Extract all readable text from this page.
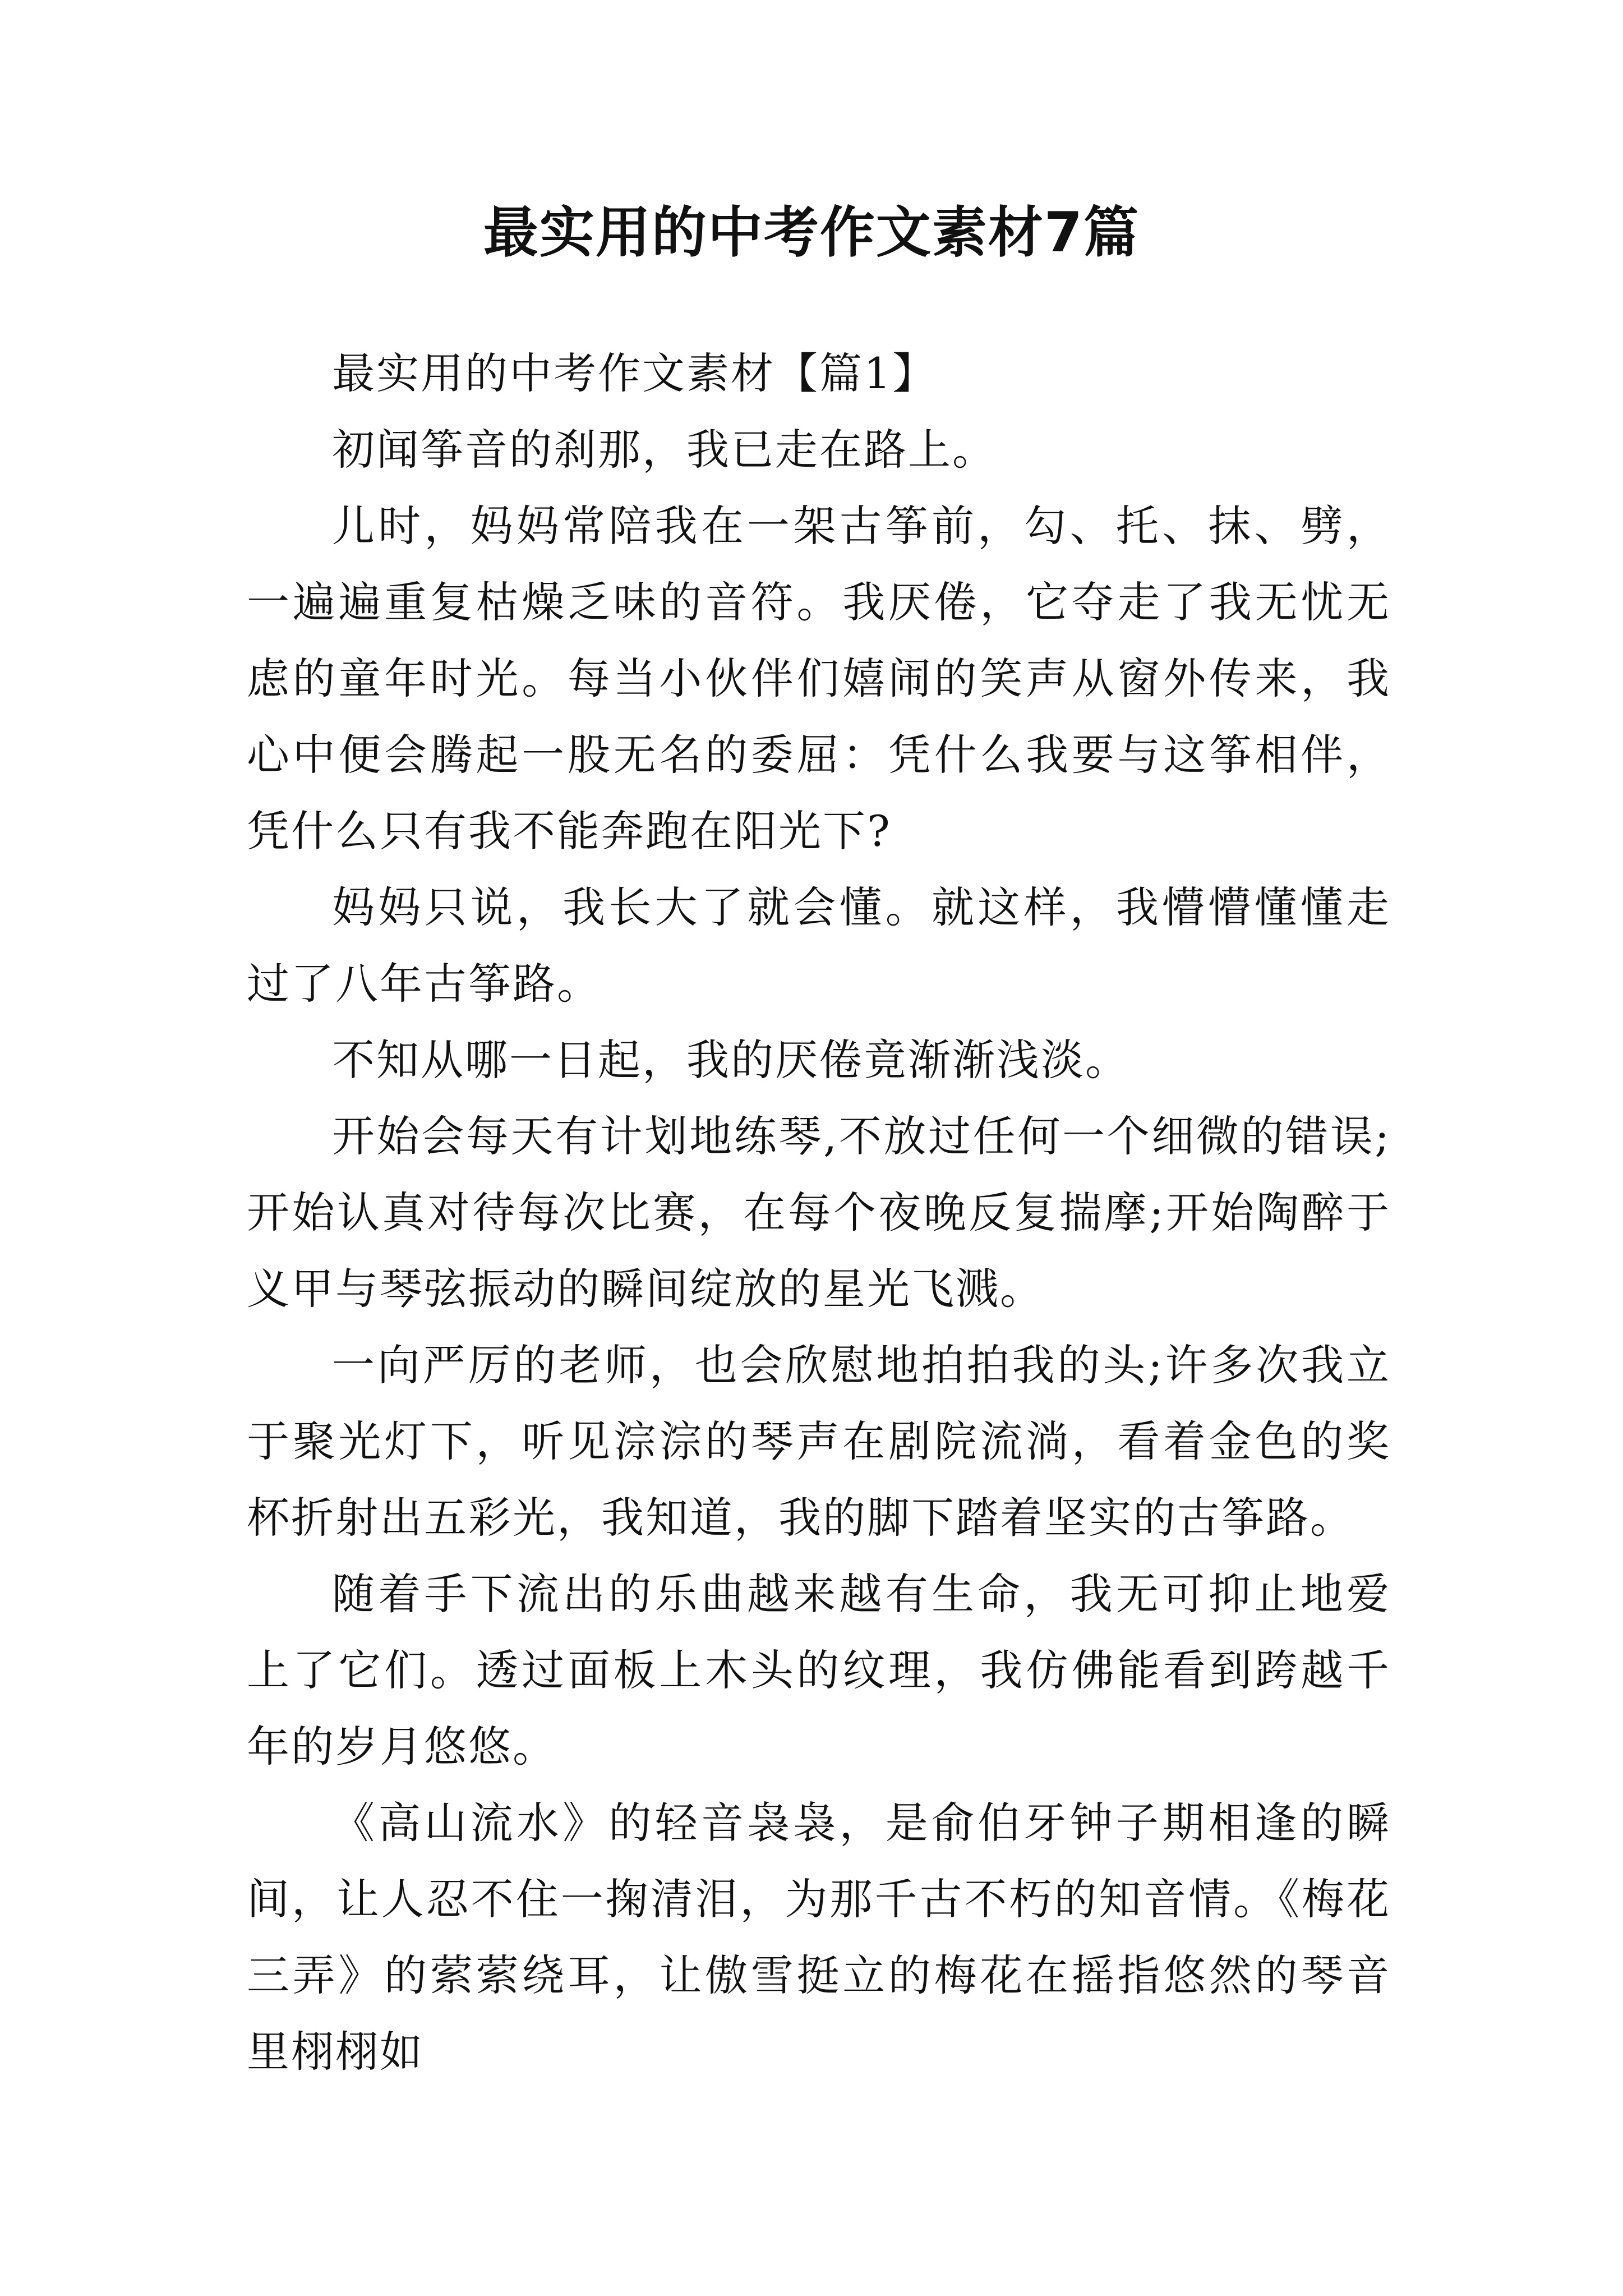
最实用的中考作文素材7篇

最实用的中考作文素材【篇1】

初闻筝音的刹那，我已走在路上。

儿时，妈妈常陪我在一架古筝前，勾、托、抹、劈，一遍遍重复枯燥乏味的音符。我厌倦，它夺走了我无忧无虑的童年时光。每当小伙伴们嬉闹的笑声从窗外传来，我心中便会腾起一股无名的委屈：凭什么我要与这筝相伴，凭什么只有我不能奔跑在阳光下?

妈妈只说，我长大了就会懂。就这样，我懵懵懂懂走过了八年古筝路。

不知从哪一日起，我的厌倦竟渐渐浅淡。

开始会每天有计划地练琴,不放过任何一个细微的错误;开始认真对待每次比赛，在每个夜晚反复揣摩;开始陶醉于义甲与琴弦振动的瞬间绽放的星光飞溅。

一向严厉的老师，也会欣慰地拍拍我的头;许多次我立于聚光灯下，听见淙淙的琴声在剧院流淌，看着金色的奖杯折射出五彩光，我知道，我的脚下踏着坚实的古筝路。

随着手下流出的乐曲越来越有生命，我无可抑止地爱上了它们。透过面板上木头的纹理，我仿佛能看到跨越千年的岁月悠悠。

《高山流水》的轻音袅袅，是俞伯牙钟子期相逢的瞬间，让人忍不住一掬清泪，为那千古不朽的知音情。《梅花三弄》的萦萦绕耳，让傲雪挺立的梅花在摇指悠然的琴音里栩栩如
